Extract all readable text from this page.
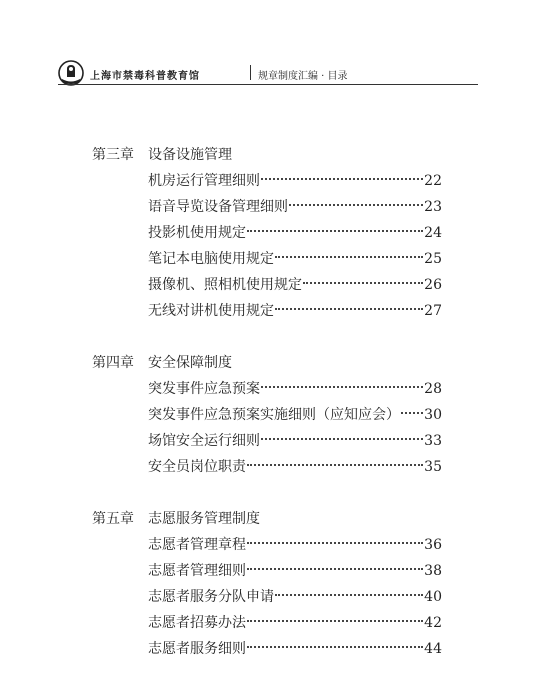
上海市禁毒科普教育馆	规章制度汇编 · 目录
第三章 设备设施管理
机房运行管理细则	22
语音导览设备管理细则	23
投影机使用规定	24
笔记本电脑使用规定	25
摄像机、照相机使用规定	26
无线对讲机使用规定	27
第四章 安全保障制度
突发事件应急预案	28
突发事件应急预案实施细则（应知应会） 30
场馆安全运行细则	33
安全员岗位职责	35
第五章 志愿服务管理制度
志愿者管理章程	36
志愿者管理细则	38
志愿者服务分队申请	40
志愿者招募办法	42
志愿者服务细则	44
